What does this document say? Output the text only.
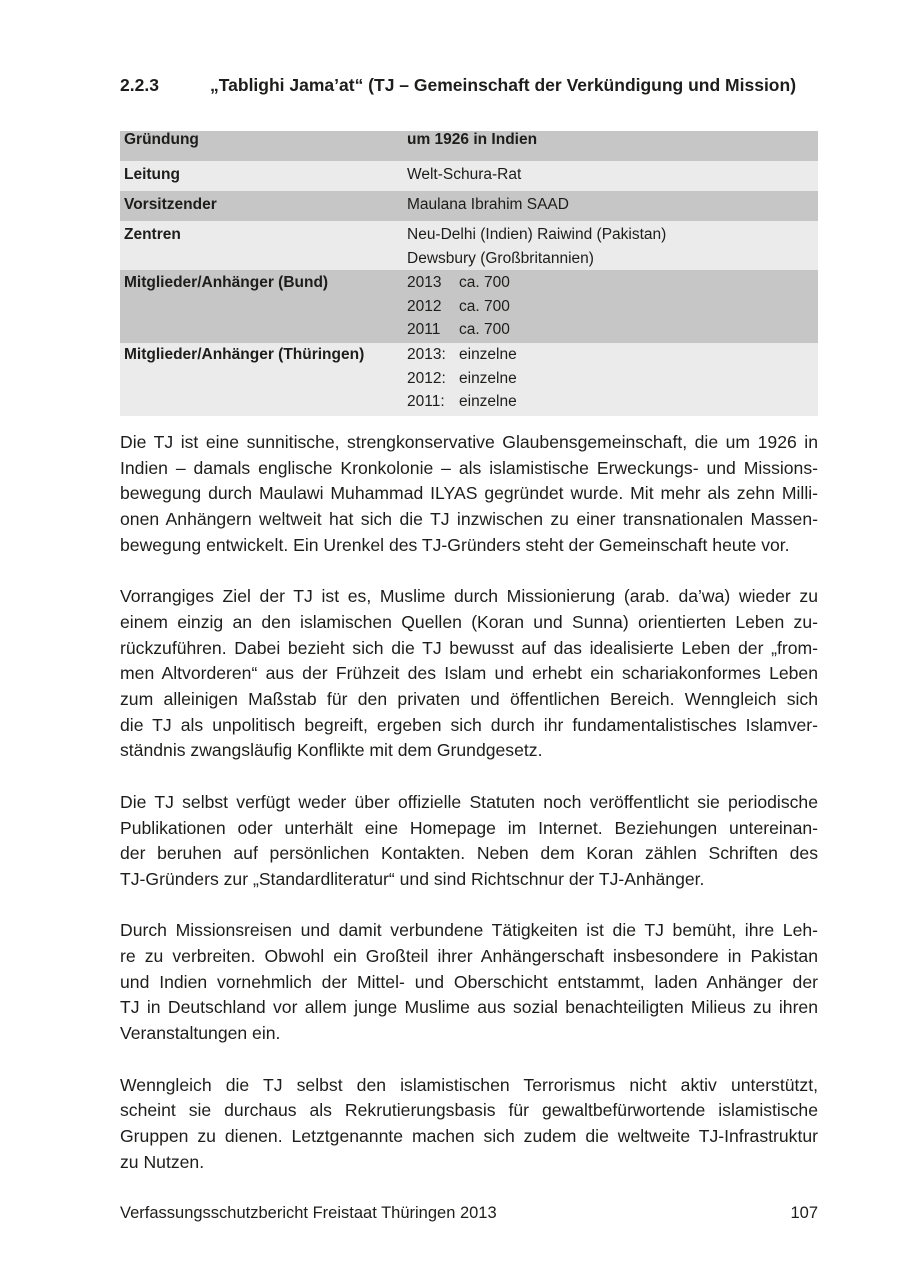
2.2.3	„Tablighi Jama’at“ (TJ – Gemeinschaft der Verkündigung und Mission)
Gründung	um 1926 in Indien
Leitung	Welt-Schura-Rat
Vorsitzender	Maulana Ibrahim SAAD
Zentren	Neu-Delhi (Indien) Raiwind (Pakistan)
Dewsbury (Großbritannien)
Mitglieder/Anhänger (Bund)	2013 ca. 700
2012 ca. 700
2011 ca. 700
Mitglieder/Anhänger (Thüringen)	2013: einzelne
2012: einzelne
2011: einzelne
Die TJ ist eine sunnitische, strengkonservative Glaubensgemeinschaft, die um 1926 in
Indien – damals englische Kronkolonie – als islamistische Erweckungs- und Missions-
bewegung durch Maulawi Muhammad ILYAS gegründet wurde. Mit mehr als zehn Milli-
onen Anhängern weltweit hat sich die TJ inzwischen zu einer transnationalen Massen-
bewegung entwickelt. Ein Urenkel des TJ-Gründers steht der Gemeinschaft heute vor.
Vorrangiges Ziel der TJ ist es, Muslime durch Missionierung (arab. da’wa) wieder zu
einem einzig an den islamischen Quellen (Koran und Sunna) orientierten Leben zu-
rückzuführen. Dabei bezieht sich die TJ bewusst auf das idealisierte Leben der „from-
men Altvorderen“ aus der Frühzeit des Islam und erhebt ein schariakonformes Leben
zum alleinigen Maßstab für den privaten und öffentlichen Bereich. Wenngleich sich
die TJ als unpolitisch begreift, ergeben sich durch ihr fundamentalistisches Islamver-
ständnis zwangsläufig Konflikte mit dem Grundgesetz.
Die TJ selbst verfügt weder über offizielle Statuten noch veröffentlicht sie periodische
Publikationen oder unterhält eine Homepage im Internet. Beziehungen untereinan-
der beruhen auf persönlichen Kontakten. Neben dem Koran zählen Schriften des
TJ-Gründers zur „Standardliteratur“ und sind Richtschnur der TJ-Anhänger.
Durch Missionsreisen und damit verbundene Tätigkeiten ist die TJ bemüht, ihre Leh-
re zu verbreiten. Obwohl ein Großteil ihrer Anhängerschaft insbesondere in Pakistan
und Indien vornehmlich der Mittel- und Oberschicht entstammt, laden Anhänger der
TJ in Deutschland vor allem junge Muslime aus sozial benachteiligten Milieus zu ihren
Veranstaltungen ein.
Wenngleich die TJ selbst den islamistischen Terrorismus nicht aktiv unterstützt,
scheint sie durchaus als Rekrutierungsbasis für gewaltbefürwortende islamistische
Gruppen zu dienen. Letztgenannte machen sich zudem die weltweite TJ-Infrastruktur
zu Nutzen.
Verfassungsschutzbericht Freistaat Thüringen 2013	107
